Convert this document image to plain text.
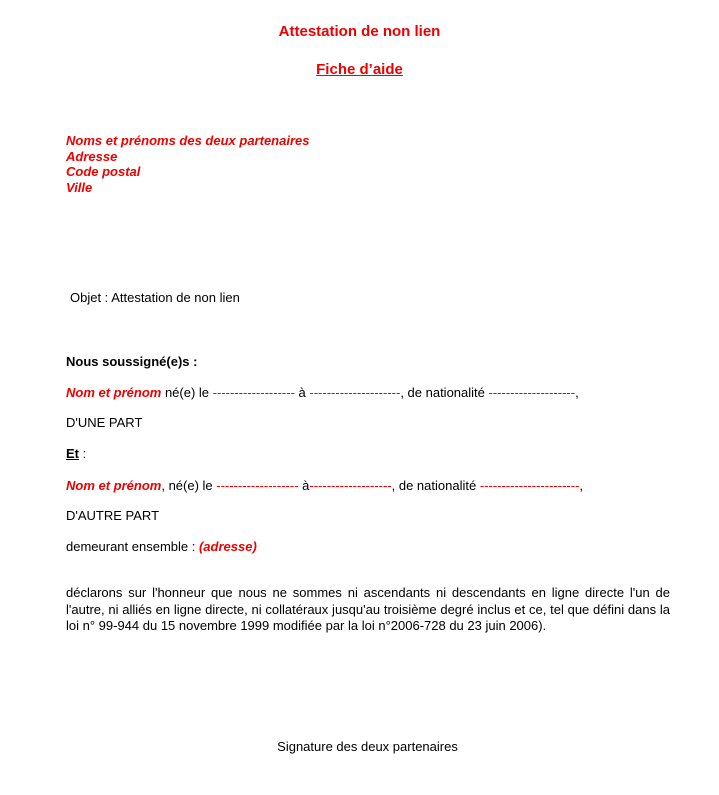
Attestation de non lien
Fiche d’aide
Noms et prénoms des deux partenaires
Adresse
Code postal
Ville
Objet : Attestation de non lien
Nous soussigné(e)s :
Nom et prénom né(e) le ------------------- à ---------------------, de nationalité --------------------,
D'UNE PART
Et :
Nom et prénom, né(e) le ------------------- à-------------------, de nationalité -----------------------,
D'AUTRE PART
demeurant ensemble : (adresse)
déclarons sur l'honneur que nous ne sommes ni ascendants ni descendants en ligne directe l'un de l'autre, ni alliés en ligne directe, ni collatéraux jusqu'au troisième degré inclus et ce, tel que défini dans la loi n° 99-944 du 15 novembre 1999 modifiée par la loi n°2006-728 du 23 juin 2006).
Signature des deux partenaires
